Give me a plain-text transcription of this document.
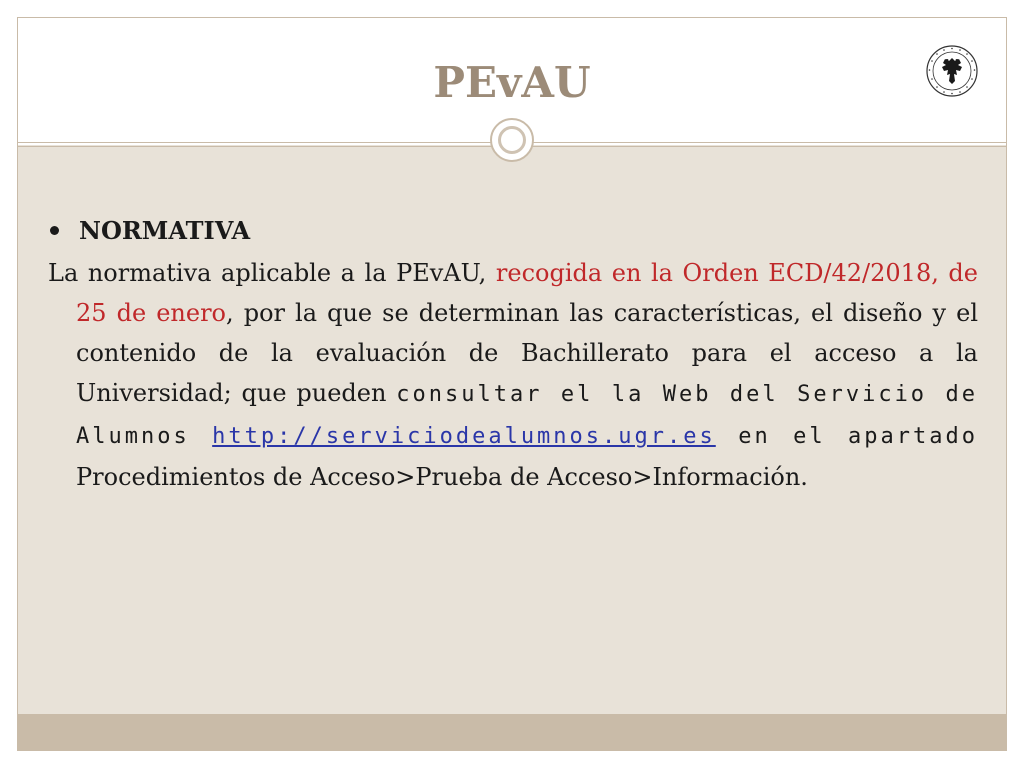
PEvAU
NORMATIVA

La normativa aplicable a la PEvAU, recogida en la Orden ECD/42/2018, de 25 de enero, por la que se determinan las características, el diseño y el contenido de la evaluación de Bachillerato para el acceso a la Universidad; que pueden consultar el la Web del Servicio de Alumnos http://serviciodealumnos.ugr.es en el apartado Procedimientos de Acceso>Prueba de Acceso>Información.
